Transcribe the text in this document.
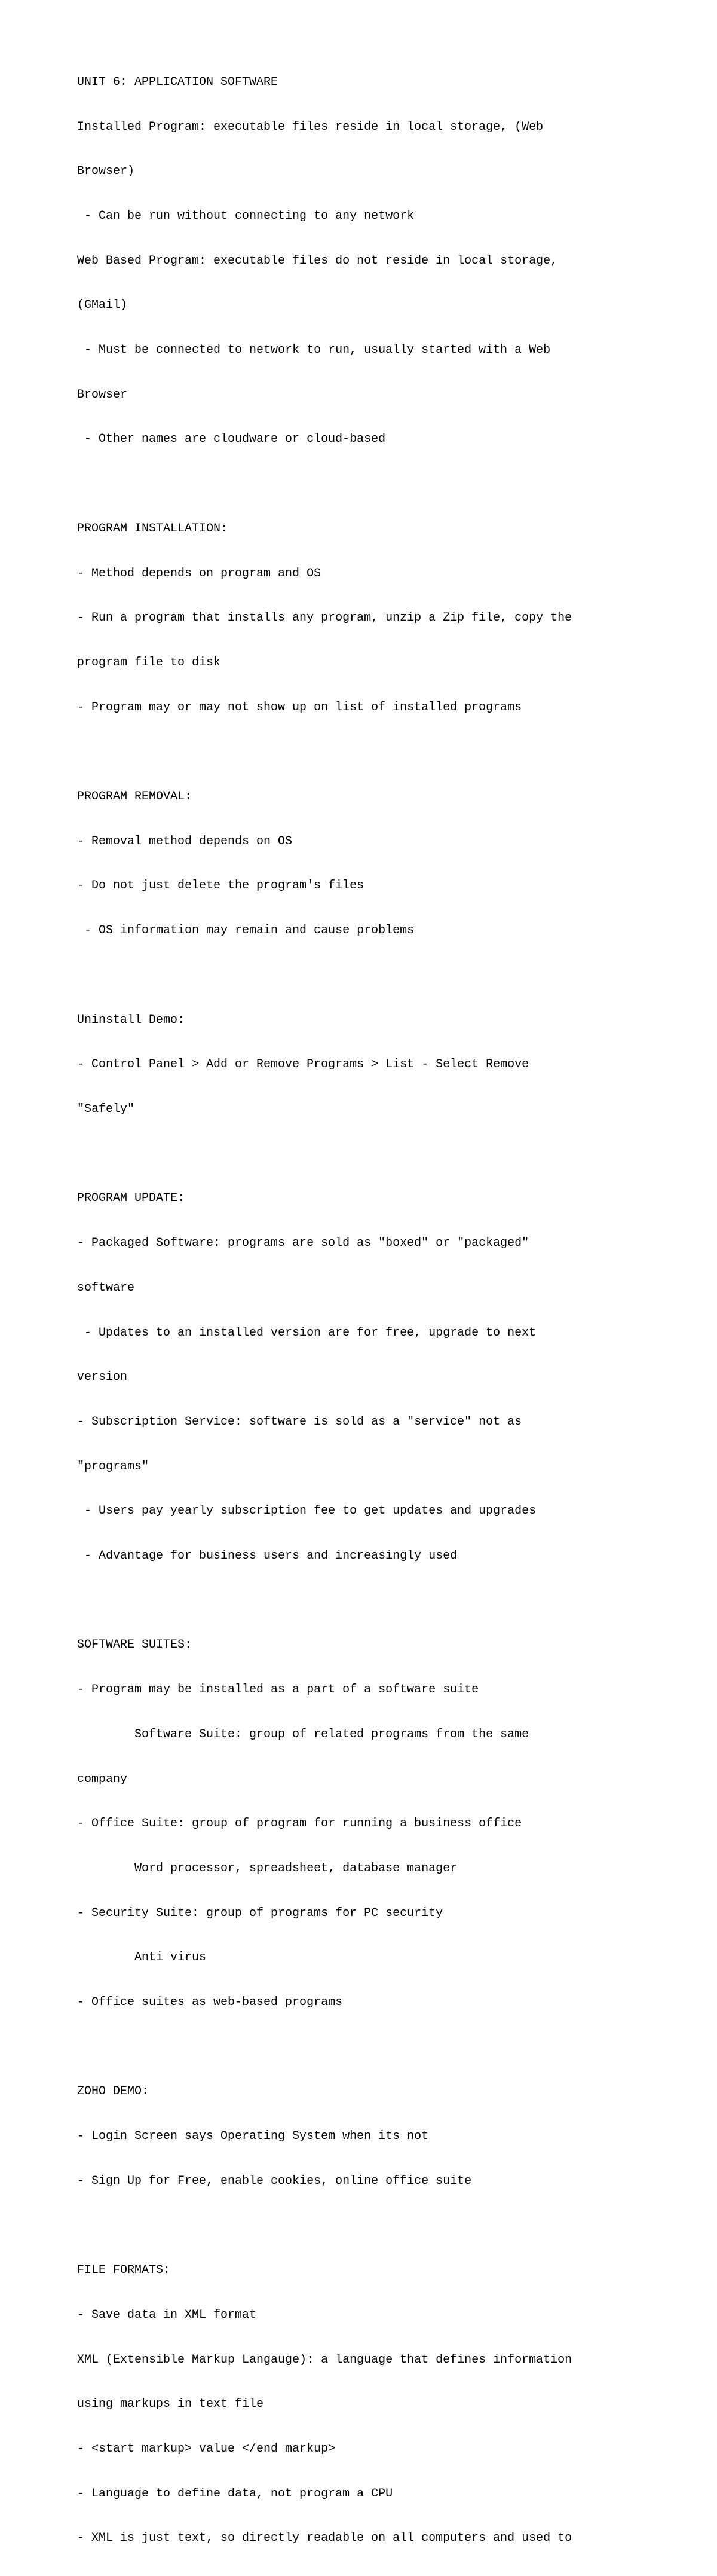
UNIT 6: APPLICATION SOFTWARE

Installed Program: executable files reside in local storage, (Web

Browser)

- Can be run without connecting to any network

Web Based Program: executable files do not reside in local storage,

(GMail)

- Must be connected to network to run, usually started with a Web

Browser

- Other names are cloudware or cloud-based

PROGRAM INSTALLATION:

- Method depends on program and OS

- Run a program that installs any program, unzip a Zip file, copy the

program file to disk

- Program may or may not show up on list of installed programs

PROGRAM REMOVAL:

- Removal method depends on OS

- Do not just delete the program's files

- OS information may remain and cause problems

Uninstall Demo:

- Control Panel > Add or Remove Programs > List - Select Remove

"Safely"

PROGRAM UPDATE:

- Packaged Software: programs are sold as "boxed" or "packaged"

software

- Updates to an installed version are for free, upgrade to next

version

- Subscription Service: software is sold as a "service" not as

"programs"

- Users pay yearly subscription fee to get updates and upgrades

- Advantage for business users and increasingly used

SOFTWARE SUITES:

- Program may be installed as a part of a software suite

Software Suite: group of related programs from the same

company

- Office Suite: group of program for running a business office

Word processor, spreadsheet, database manager

- Security Suite: group of programs for PC security

Anti virus

- Office suites as web-based programs

ZOHO DEMO:

- Login Screen says Operating System when its not

- Sign Up for Free, enable cookies, online office suite

FILE FORMATS:

- Save data in XML format

XML (Extensible Markup Langauge): a language that defines information

using markups in text file

- <start markup> value </end markup>

- Language to define data, not program a CPU

- XML is just text, so directly readable on all computers and used to
